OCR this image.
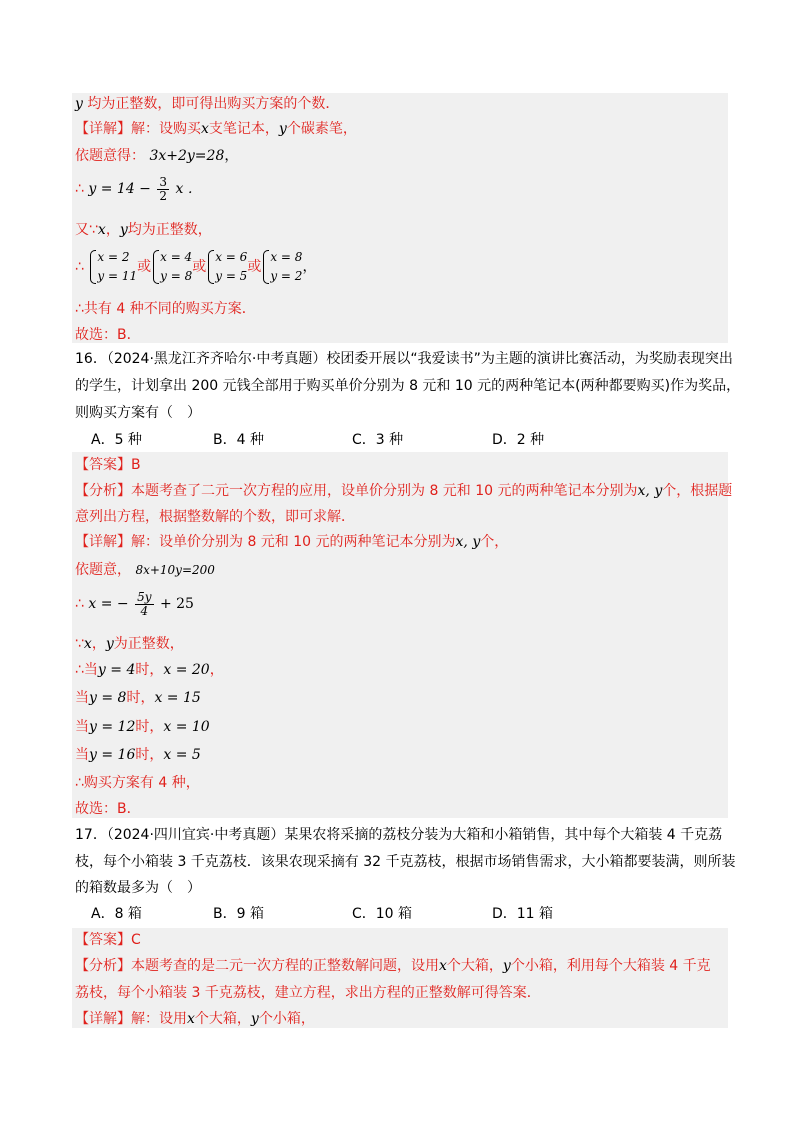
y 均为正整数，即可得出购买方案的个数．
【详解】解：设购买x支笔记本，y个碳素笔，
依题意得： 3x+2y=28，
∴ $y = 14 - \frac{3}{2}$ x ．
又∵x，y均为正整数，
∴
x = 2
y = 11
或
x = 4
y = 8
或
x = 6
y = 5
或
x = 8
y = 2
，
∴共有 4 种不同的购买方案．
故选：B．
16．（2024·黑龙江齐齐哈尔·中考真题）校团委开展以“我爱读书”为主题的演讲比赛活动，为奖励表现突出
的学生，计划拿出 200 元钱全部用于购买单价分别为 8 元和 10 元的两种笔记本(两种都要购买)作为奖品，
则购买方案有（　）
A．5 种	B．4 种	C．3 种	D．2 种
【答案】B
【分析】本题考查了二元一次方程的应用，设单价分别为 8 元和 10 元的两种笔记本分别为x, y个，根据题
意列出方程，根据整数解的个数，即可求解．
【详解】解：设单价分别为 8 元和 10 元的两种笔记本分别为x, y个，
依题意， 8x+10y=200
∴ x = − $\frac{5y}{4} + 25$
∵x，y为正整数，
∴当y = 4时，x = 20，
当y = 8时，x = 15
当y = 12时，x = 10
当y = 16时，x = 5
∴购买方案有 4 种，
故选：B．
17．（2024·四川宜宾·中考真题）某果农将采摘的荔枝分装为大箱和小箱销售，其中每个大箱装 4 千克荔
枝，每个小箱装 3 千克荔枝．该果农现采摘有 32 千克荔枝，根据市场销售需求，大小箱都要装满，则所装
的箱数最多为（　）
A．8 箱	B．9 箱	C．10 箱	D．11 箱
【答案】C
【分析】本题考查的是二元一次方程的正整数解问题，设用x个大箱，y个小箱，利用每个大箱装 4 千克
荔枝，每个小箱装 3 千克荔枝，建立方程，求出方程的正整数解可得答案．
【详解】解：设用x个大箱，y个小箱，
